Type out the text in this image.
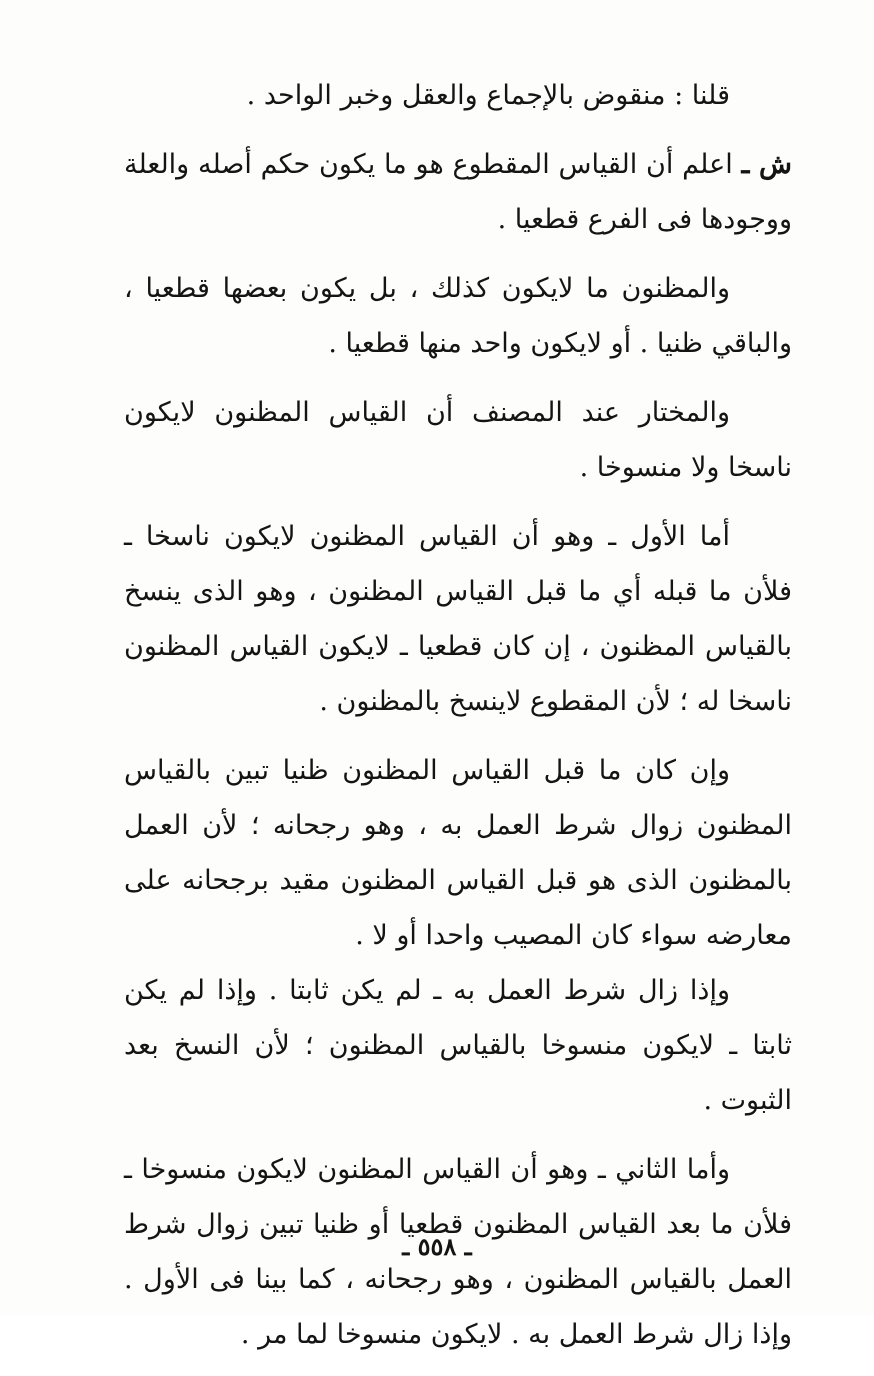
قلنا : منقوض بالإجماع والعقل وخبر الواحد .

ش ـ اعلم أن القياس المقطوع هو ما يكون حكم أصله والعلة ووجودها فى الفرع قطعيا .

والمظنون ما لايكون كذلك ، بل يكون بعضها قطعيا ، والباقي ظنيا . أو لايكون واحد منها قطعيا .

والمختار عند المصنف أن القياس المظنون لايكون ناسخا ولا منسوخا .

أما الأول ـ وهو أن القياس المظنون لايكون ناسخا ـ فلأن ما قبله أي ما قبل القياس المظنون ، وهو الذى ينسخ بالقياس المظنون ، إن كان قطعيا ـ لايكون القياس المظنون ناسخا له ؛ لأن المقطوع لاينسخ بالمظنون .

وإن كان ما قبل القياس المظنون ظنيا تبين بالقياس المظنون زوال شرط العمل به ، وهو رجحانه ؛ لأن العمل بالمظنون الذى هو قبل القياس المظنون مقيد برجحانه على معارضه سواء كان المصيب واحدا أو لا .

وإذا زال شرط العمل به ـ لم يكن ثابتا . وإذا لم يكن ثابتا ـ لايكون منسوخا بالقياس المظنون ؛ لأن النسخ بعد الثبوت .

وأما الثاني ـ وهو أن القياس المظنون لايكون منسوخا ـ فلأن ما بعد القياس المظنون قطعيا أو ظنيا تبين زوال شرط العمل بالقياس المظنون ، وهو رجحانه ، كما بينا فى الأول . وإذا زال شرط العمل به . لايكون منسوخا لما مر .

ـ ٥٥٨ ـ
